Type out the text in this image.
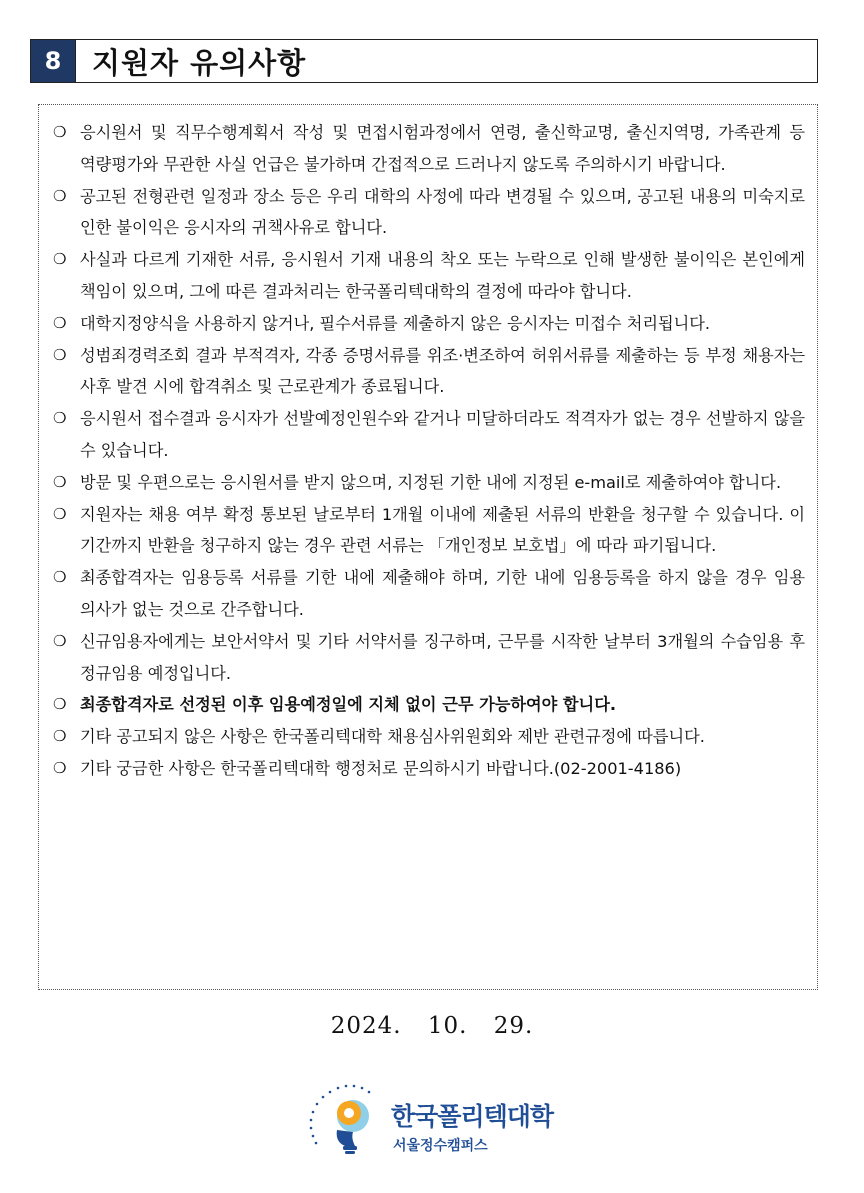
8	지원자 유의사항
❍ 응시원서 및 직무수행계획서 작성 및 면접시험과정에서 연령, 출신학교명, 출신지역명, 가족관계 등 역량평가와 무관한 사실 언급은 불가하며 간접적으로 드러나지 않도록 주의하시기 바랍니다.
❍ 공고된 전형관련 일정과 장소 등은 우리 대학의 사정에 따라 변경될 수 있으며, 공고된 내용의 미숙지로 인한 불이익은 응시자의 귀책사유로 합니다.
❍ 사실과 다르게 기재한 서류, 응시원서 기재 내용의 착오 또는 누락으로 인해 발생한 불이익은 본인에게 책임이 있으며, 그에 따른 결과처리는 한국폴리텍대학의 결정에 따라야 합니다.
❍ 대학지정양식을 사용하지 않거나, 필수서류를 제출하지 않은 응시자는 미접수 처리됩니다.
❍ 성범죄경력조회 결과 부적격자, 각종 증명서류를 위조·변조하여 허위서류를 제출하는 등 부정 채용자는 사후 발견 시에 합격취소 및 근로관계가 종료됩니다.
❍ 응시원서 접수결과 응시자가 선발예정인원수와 같거나 미달하더라도 적격자가 없는 경우 선발하지 않을 수 있습니다.
❍ 방문 및 우편으로는 응시원서를 받지 않으며, 지정된 기한 내에 지정된 e-mail로 제출하여야 합니다.
❍ 지원자는 채용 여부 확정 통보된 날로부터 1개월 이내에 제출된 서류의 반환을 청구할 수 있습니다. 이 기간까지 반환을 청구하지 않는 경우 관련 서류는 「개인정보 보호법」에 따라 파기됩니다.
❍ 최종합격자는 임용등록 서류를 기한 내에 제출해야 하며, 기한 내에 임용등록을 하지 않을 경우 임용 의사가 없는 것으로 간주합니다.
❍ 신규임용자에게는 보안서약서 및 기타 서약서를 징구하며, 근무를 시작한 날부터 3개월의 수습임용 후 정규임용 예정입니다.
❍ 최종합격자로 선정된 이후 임용예정일에 지체 없이 근무 가능하여야 합니다.
❍ 기타 공고되지 않은 사항은 한국폴리텍대학 채용심사위원회와 제반 관련규정에 따릅니다.
❍ 기타 궁금한 사항은 한국폴리텍대학 행정처로 문의하시기 바랍니다.(02-2001-4186)
2024. 10. 29.
한국폴리텍대학
서울정수캠퍼스
